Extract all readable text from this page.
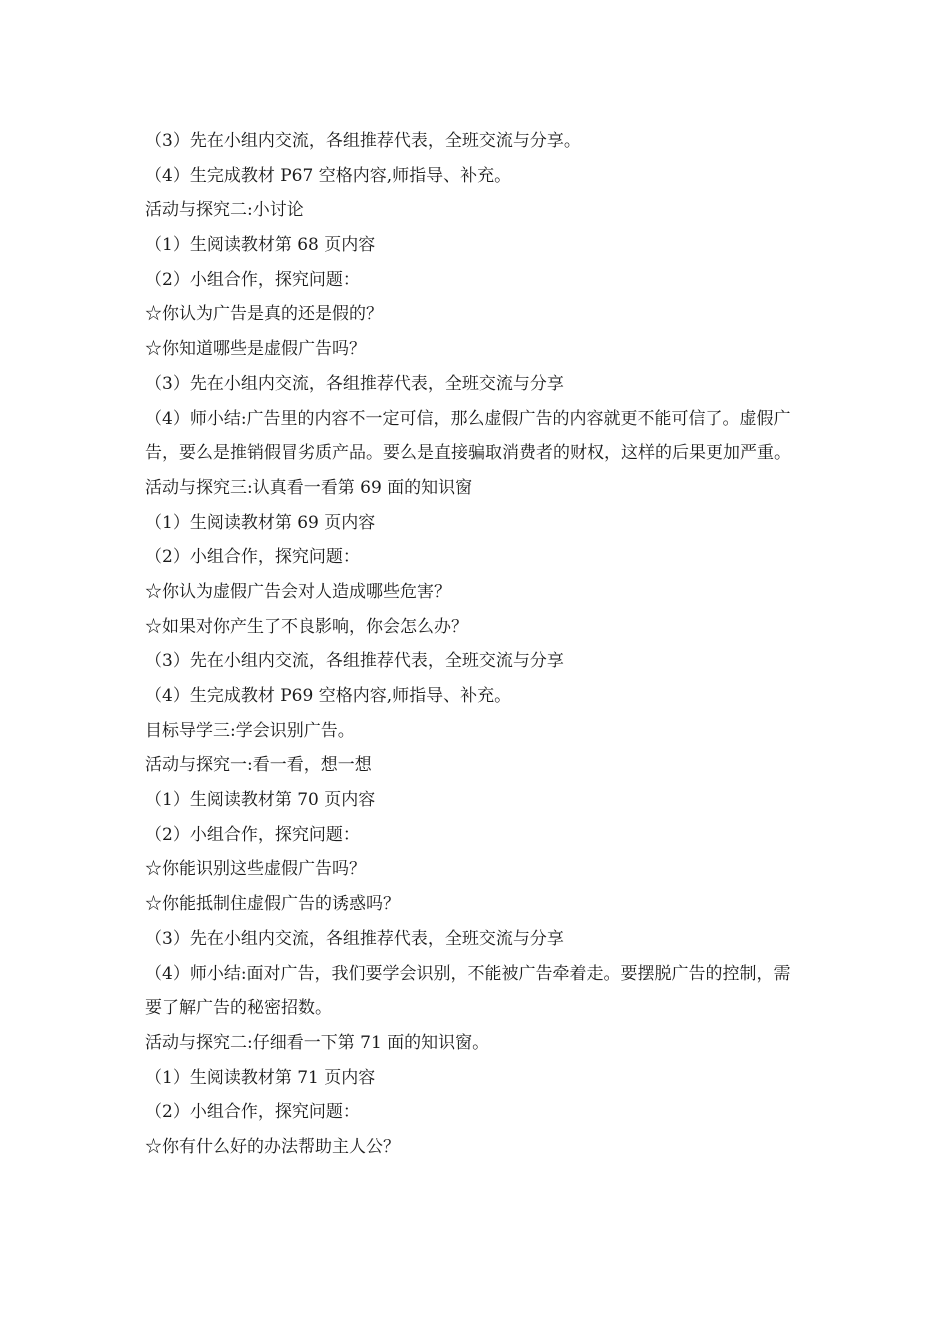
（3）先在小组内交流，各组推荐代表，全班交流与分享。
（4）生完成教材 P67 空格内容,师指导、补充。
活动与探究二:小讨论
（1）生阅读教材第 68 页内容
（2）小组合作，探究问题：
☆你认为广告是真的还是假的？
☆你知道哪些是虚假广告吗？
（3）先在小组内交流，各组推荐代表，全班交流与分享
（4）师小结:广告里的内容不一定可信，那么虚假广告的内容就更不能可信了。虚假广告，要么是推销假冒劣质产品。要么是直接骗取消费者的财权，这样的后果更加严重。
活动与探究三:认真看一看第 69 面的知识窗
（1）生阅读教材第 69 页内容
（2）小组合作，探究问题：
☆你认为虚假广告会对人造成哪些危害？
☆如果对你产生了不良影响，你会怎么办？
（3）先在小组内交流，各组推荐代表，全班交流与分享
（4）生完成教材 P69 空格内容,师指导、补充。
目标导学三:学会识别广告。
活动与探究一:看一看，想一想
（1）生阅读教材第 70 页内容
（2）小组合作，探究问题：
☆你能识别这些虚假广告吗？
☆你能抵制住虚假广告的诱惑吗？
（3）先在小组内交流，各组推荐代表，全班交流与分享
（4）师小结:面对广告，我们要学会识别，不能被广告牵着走。要摆脱广告的控制，需要了解广告的秘密招数。
活动与探究二:仔细看一下第 71 面的知识窗。
（1）生阅读教材第 71 页内容
（2）小组合作，探究问题：
☆你有什么好的办法帮助主人公？
